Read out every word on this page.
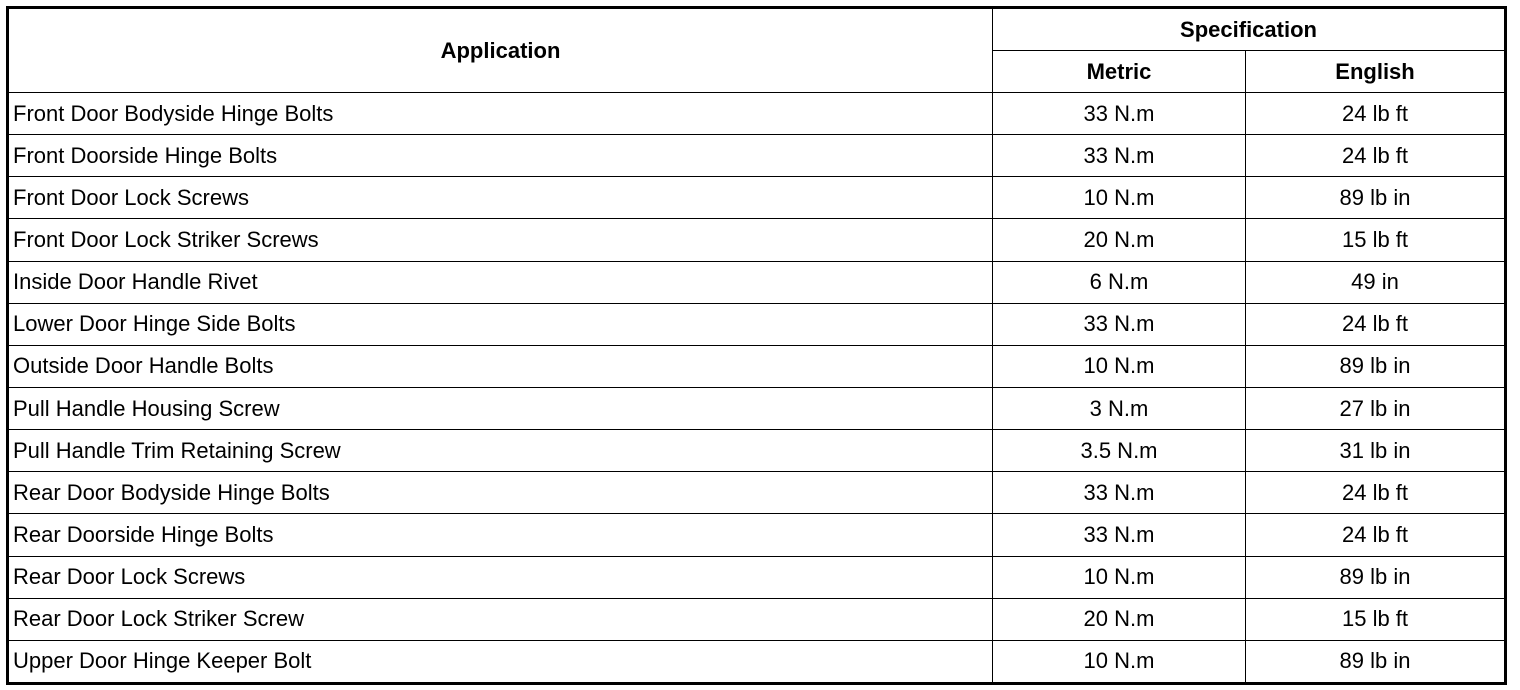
Application	Specification	
	Metric	English
Front Door Bodyside Hinge Bolts	33 N.m	24 lb ft
Front Doorside Hinge Bolts	33 N.m	24 lb ft
Front Door Lock Screws	10 N.m	89 lb in
Front Door Lock Striker Screws	20 N.m	15 lb ft
Inside Door Handle Rivet	6 N.m	49 in
Lower Door Hinge Side Bolts	33 N.m	24 lb ft
Outside Door Handle Bolts	10 N.m	89 lb in
Pull Handle Housing Screw	3 N.m	27 lb in
Pull Handle Trim Retaining Screw	3.5 N.m	31 lb in
Rear Door Bodyside Hinge Bolts	33 N.m	24 lb ft
Rear Doorside Hinge Bolts	33 N.m	24 lb ft
Rear Door Lock Screws	10 N.m	89 lb in
Rear Door Lock Striker Screw	20 N.m	15 lb ft
Upper Door Hinge Keeper Bolt	10 N.m	89 lb in
